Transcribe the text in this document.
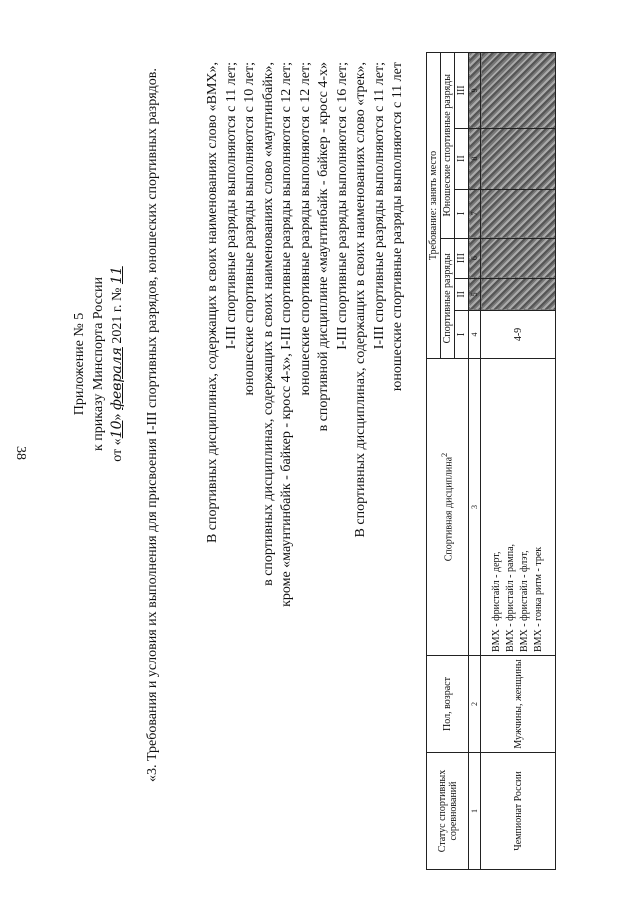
38
Приложение № 5 к приказу Минспорта России от «10» февраля 2021 г. № 11 «3. Требования и условия их выполнения для присвоения I-III спортивных разрядов, юношеских спортивных разрядов.	В спортивных дисциплинах, содержащих в своих наименованиях слово «BMX», I-III спортивные разряды выполняются с 11 лет; юношеские спортивные разряды выполняются с 10 лет; в спортивных дисциплинах, содержащих в своих наименованиях слово «маунтинбайк», кроме «маунтинбайк - байкер - кросс 4-х», I-III спортивные разряды выполняются с 12 лет; юношеские спортивные разряды выполняются с 12 лет; в спортивной дисциплине «маунтинбайк - байкер - кросс 4-х» I-III спортивные разряды выполняются с 16 лет; В спортивных дисциплинах, содержащих в своих наименованиях слово «трек», I-III спортивные разряды выполняются с 11 лет; юношеские спортивные разряды выполняются с 11 лет
Статус спортивных соревнований	Пол, возраст	Спортивная дисциплина$^2$	Требование: занять место					
			Спортивные разряды			Юношеские спортивные разряды		
			I	II	III	I	II	III
1	2	3	4	5	6	7	8	9
Чемпионат России	Мужчины, женщины	BMX - фристайл - дерт, BMX - фристайл - рампа, BMX - фристайл - флэт, BMX - гонка ритм - трек	4-9					
